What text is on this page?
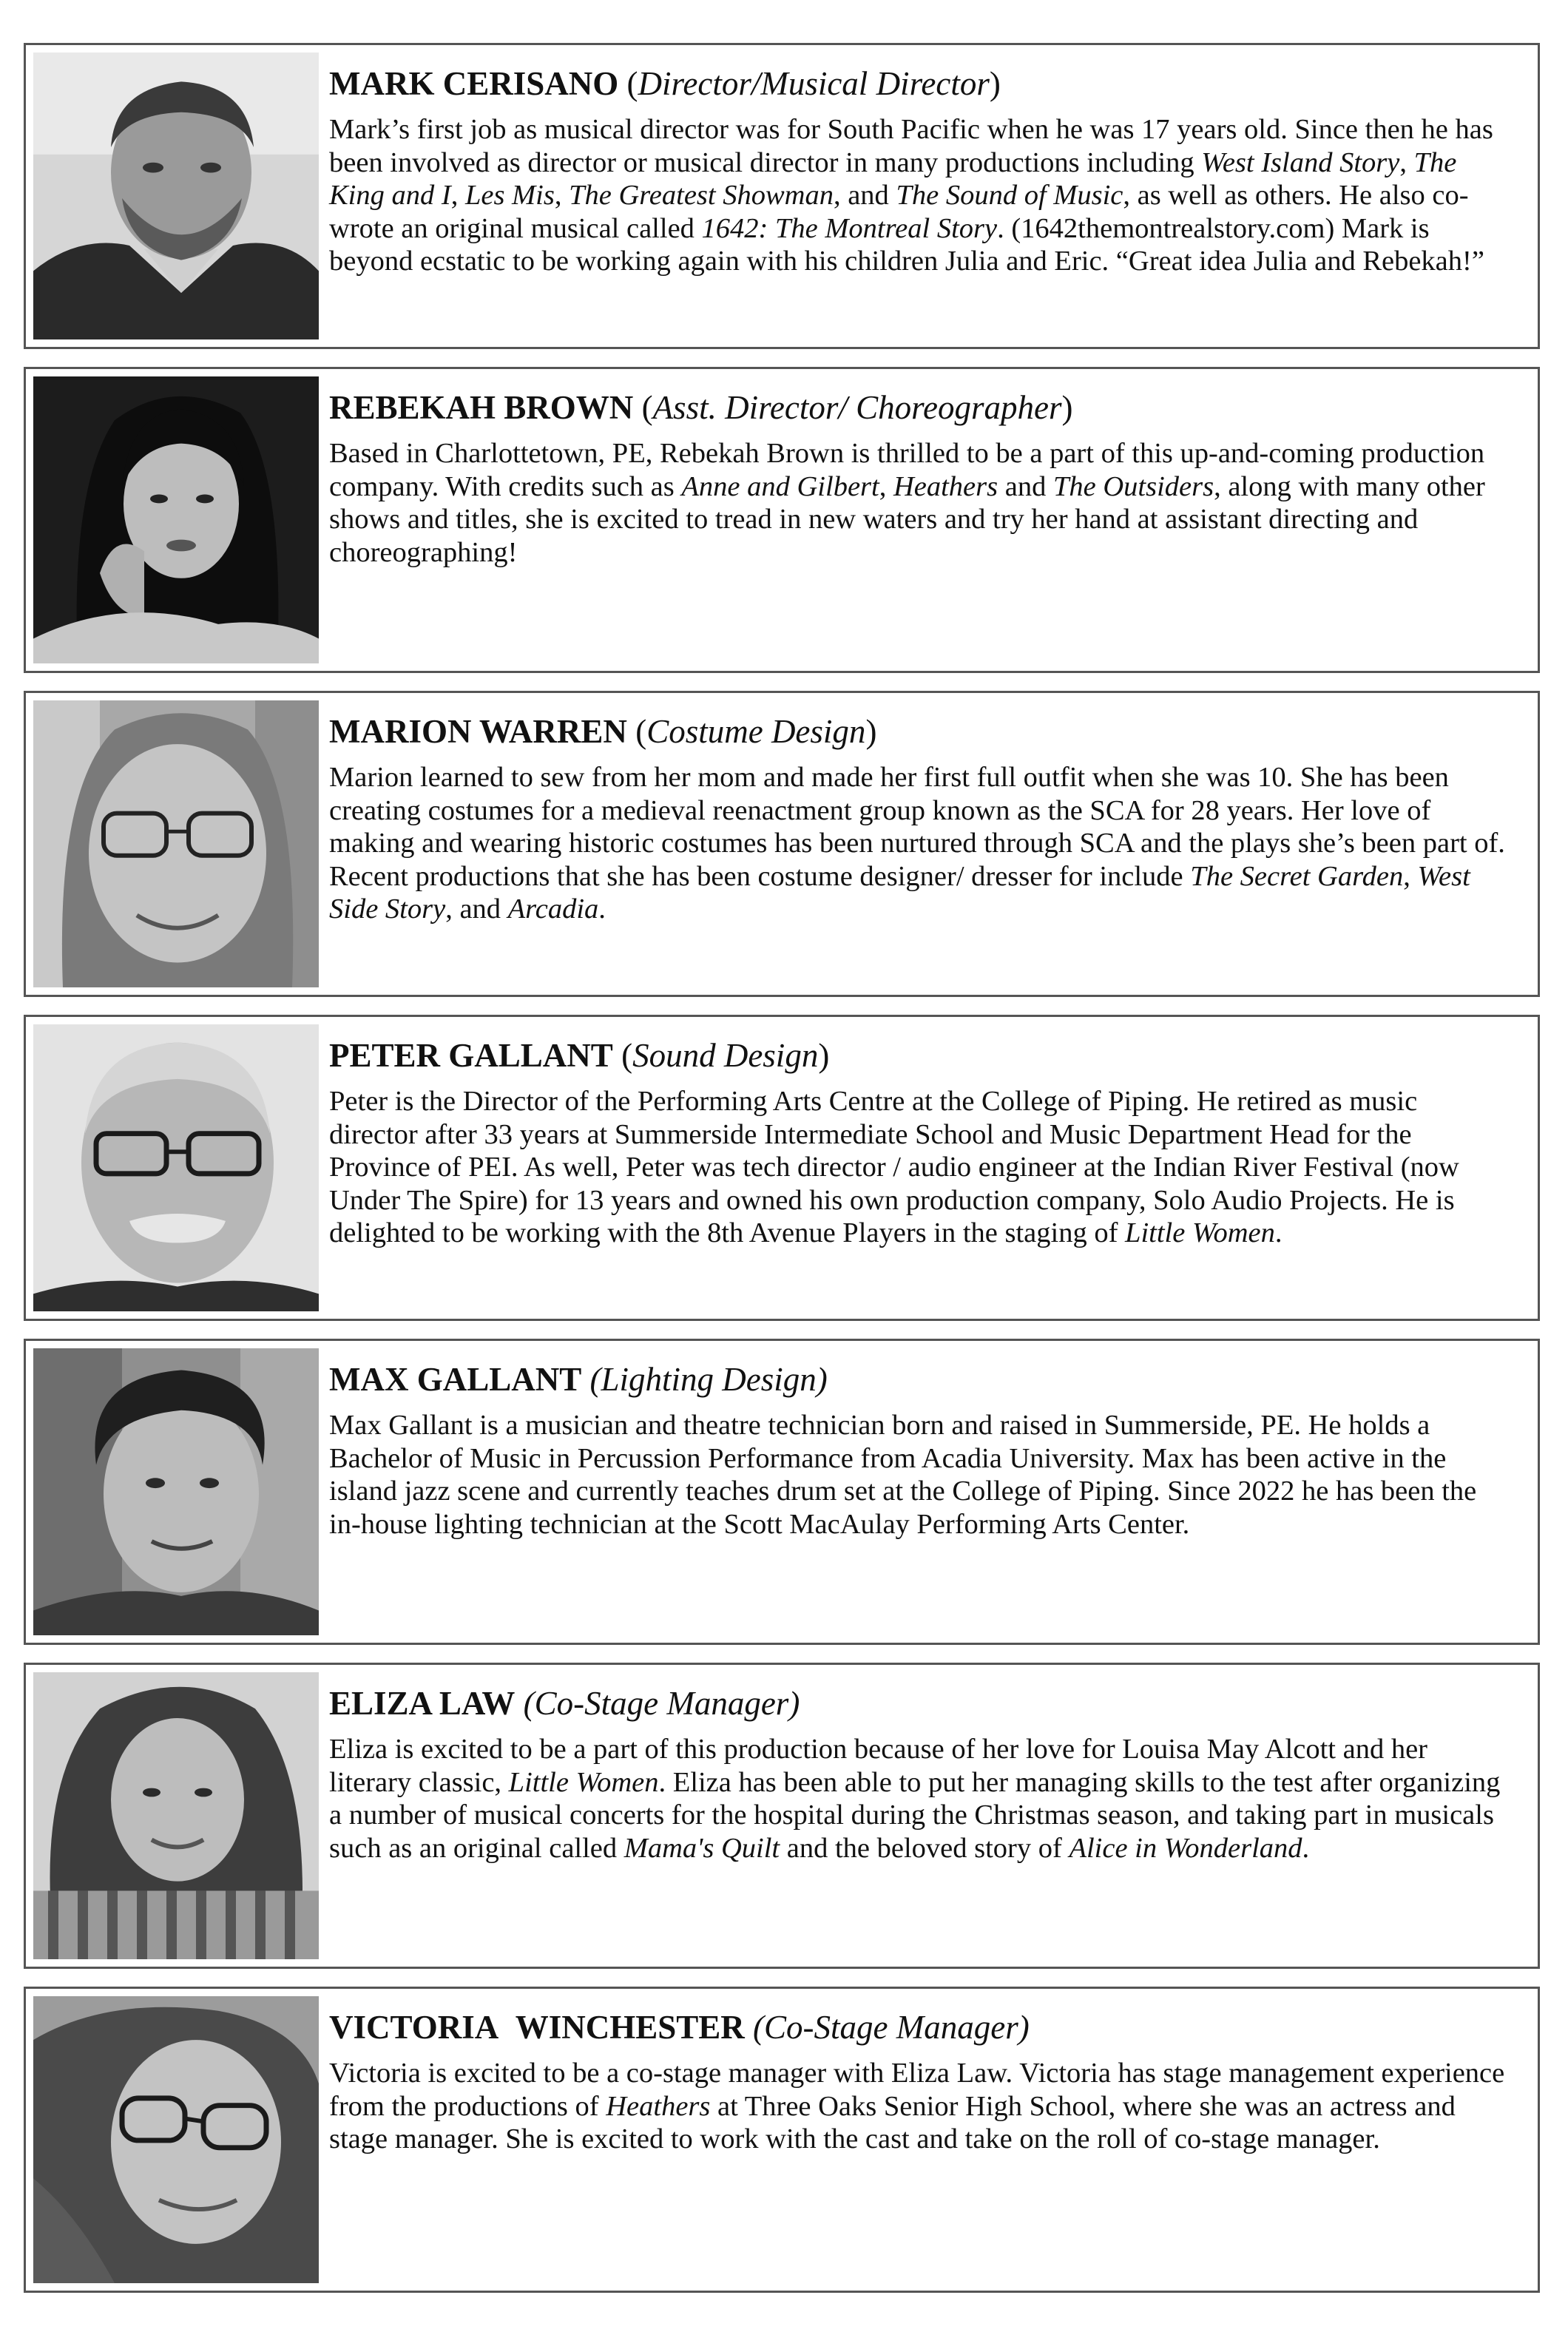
MARK CERISANO (Director/Musical Director)

Mark’s first job as musical director was for South Pacific when he was 17 years old. Since then he has been involved as director or musical director in many productions including West Island Story, The King and I, Les Mis, The Greatest Showman, and The Sound of Music, as well as others. He also co-wrote an original musical called 1642: The Montreal Story. (1642themontrealstory.com) Mark is beyond ecstatic to be working again with his children Julia and Eric. “Great idea Julia and Rebekah!”

REBEKAH BROWN (Asst. Director/ Choreographer)

Based in Charlottetown, PE, Rebekah Brown is thrilled to be a part of this up-and-coming production company. With credits such as Anne and Gilbert, Heathers and The Outsiders, along with many other shows and titles, she is excited to tread in new waters and try her hand at assistant directing and choreographing!

MARION WARREN (Costume Design)

Marion learned to sew from her mom and made her first full outfit when she was 10. She has been creating costumes for a medieval reenactment group known as the SCA for 28 years. Her love of making and wearing historic costumes has been nurtured through SCA and the plays she’s been part of. Recent productions that she has been costume designer/ dresser for include The Secret Garden, West Side Story, and Arcadia.

PETER GALLANT (Sound Design)

Peter is the Director of the Performing Arts Centre at the College of Piping. He retired as music director after 33 years at Summerside Intermediate School and Music Department Head for the Province of PEI. As well, Peter was tech director / audio engineer at the Indian River Festival (now Under The Spire) for 13 years and owned his own production company, Solo Audio Projects. He is delighted to be working with the 8th Avenue Players in the staging of Little Women.

MAX GALLANT (Lighting Design)

Max Gallant is a musician and theatre technician born and raised in Summerside, PE. He holds a Bachelor of Music in Percussion Performance from Acadia University. Max has been active in the island jazz scene and currently teaches drum set at the College of Piping. Since 2022 he has been the in-house lighting technician at the Scott MacAulay Performing Arts Center.

ELIZA LAW (Co-Stage Manager)

Eliza is excited to be a part of this production because of her love for Louisa May Alcott and her literary classic, Little Women. Eliza has been able to put her managing skills to the test after organizing a number of musical concerts for the hospital during the Christmas season, and taking part in musicals such as an original called Mama's Quilt and the beloved story of Alice in Wonderland.

VICTORIA  WINCHESTER (Co-Stage Manager)

Victoria is excited to be a co-stage manager with Eliza Law. Victoria has stage management experience from the productions of Heathers at Three Oaks Senior High School, where she was an actress and stage manager. She is excited to work with the cast and take on the roll of co-stage manager.
